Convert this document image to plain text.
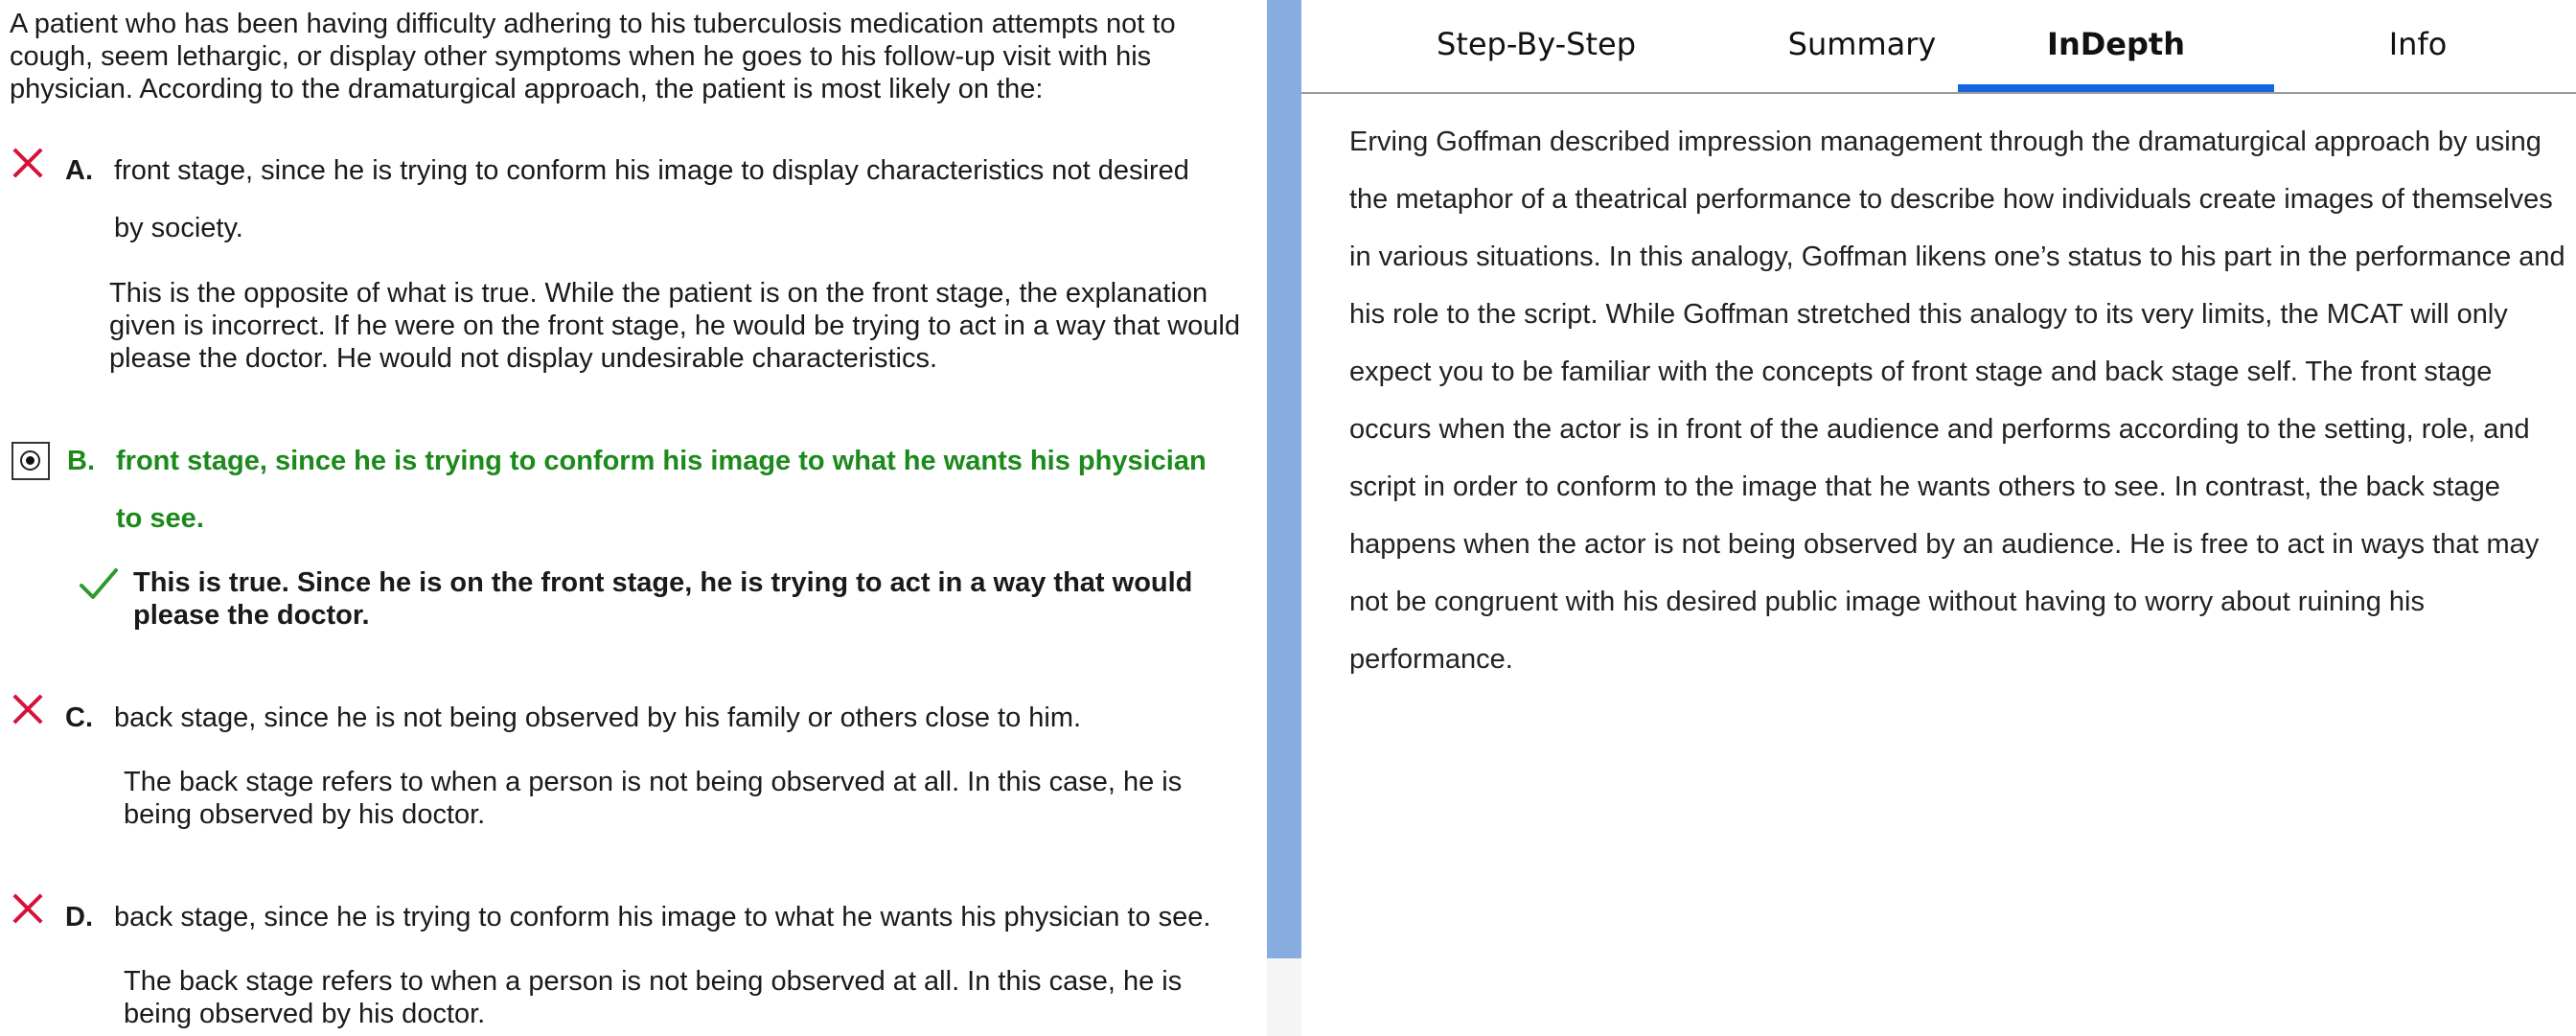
A patient who has been having difficulty adhering to his tuberculosis medication attempts not to cough, seem lethargic, or display other symptoms when he goes to his follow-up visit with his physician. According to the dramaturgical approach, the patient is most likely on the:

A. front stage, since he is trying to conform his image to display characteristics not desired
by society.

This is the opposite of what is true. While the patient is on the front stage, the explanation given is incorrect. If he were on the front stage, he would be trying to act in a way that would please the doctor. He would not display undesirable characteristics.

B. front stage, since he is trying to conform his image to what he wants his physician
to see.

This is true. Since he is on the front stage, he is trying to act in a way that would please the doctor.

C. back stage, since he is not being observed by his family or others close to him.

The back stage refers to when a person is not being observed at all. In this case, he is being observed by his doctor.

D. back stage, since he is trying to conform his image to what he wants his physician to see.

The back stage refers to when a person is not being observed at all. In this case, he is being observed by his doctor.

Step-By-Step	Summary	InDepth	Info

Erving Goffman described impression management through the dramaturgical approach by using the metaphor of a theatrical performance to describe how individuals create images of themselves in various situations. In this analogy, Goffman likens one’s status to his part in the performance and his role to the script. While Goffman stretched this analogy to its very limits, the MCAT will only expect you to be familiar with the concepts of front stage and back stage self. The front stage occurs when the actor is in front of the audience and performs according to the setting, role, and script in order to conform to the image that he wants others to see. In contrast, the back stage happens when the actor is not being observed by an audience. He is free to act in ways that may not be congruent with his desired public image without having to worry about ruining his performance.
